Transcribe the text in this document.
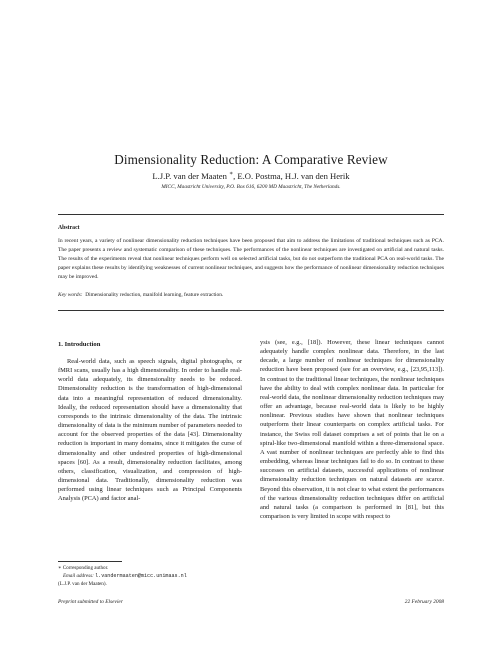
Dimensionality Reduction: A Comparative Review
L.J.P. van der Maaten ∗, E.O. Postma, H.J. van den Herik
MICC, Maastricht University, P.O. Box 616, 6200 MD Maastricht, The Netherlands.
Abstract
In recent years, a variety of nonlinear dimensionality reduction techniques have been proposed that aim to address the limitations of traditional techniques such as PCA. The paper presents a review and systematic comparison of these techniques. The performances of the nonlinear techniques are investigated on artificial and natural tasks. The results of the experiments reveal that nonlinear techniques perform well on selected artificial tasks, but do not outperform the traditional PCA on real-world tasks. The paper explains these results by identifying weaknesses of current nonlinear techniques, and suggests how the performance of nonlinear dimensionality reduction techniques may be improved.
Key words: Dimensionality reduction, manifold learning, feature extraction.
1. Introduction
Real-world data, such as speech signals, digital photographs, or fMRI scans, usually has a high dimensionality. In order to handle real-world data adequately, its dimensionality needs to be reduced. Dimensionality reduction is the transformation of high-dimensional data into a meaningful representation of reduced dimensionality. Ideally, the reduced representation should have a dimensionality that corresponds to the intrinsic dimensionality of the data. The intrinsic dimensionality of data is the minimum number of parameters needed to account for the observed properties of the data [43]. Dimensionality reduction is important in many domains, since it mitigates the curse of dimensionality and other undesired properties of high-dimensional spaces [60]. As a result, dimensionality reduction facilitates, among others, classification, visualization, and compression of high-dimensional data. Traditionally, dimensionality reduction was performed using linear techniques such as Principal Components Analysis (PCA) and factor anal-
ysis (see, e.g., [18]). However, these linear techniques cannot adequately handle complex nonlinear data. Therefore, in the last decade, a large number of nonlinear techniques for dimensionality reduction have been proposed (see for an overview, e.g., [23,95,113]). In contrast to the traditional linear techniques, the nonlinear techniques have the ability to deal with complex nonlinear data. In particular for real-world data, the nonlinear dimensionality reduction techniques may offer an advantage, because real-world data is likely to be highly nonlinear. Previous studies have shown that nonlinear techniques outperform their linear counterparts on complex artificial tasks. For instance, the Swiss roll dataset comprises a set of points that lie on a spiral-like two-dimensional manifold within a three-dimensional space. A vast number of nonlinear techniques are perfectly able to find this embedding, whereas linear techniques fail to do so. In contrast to these successes on artificial datasets, successful applications of nonlinear dimensionality reduction techniques on natural datasets are scarce. Beyond this observation, it is not clear to what extent the performances of the various dimensionality reduction techniques differ on artificial and natural tasks (a comparison is performed in [81], but this comparison is very limited in scope with respect to
∗ Corresponding author.
Email address: l.vandermaaten@micc.unimaas.nl
(L.J.P. van der Maaten).
Preprint submitted to Elsevier	22 February 2008
